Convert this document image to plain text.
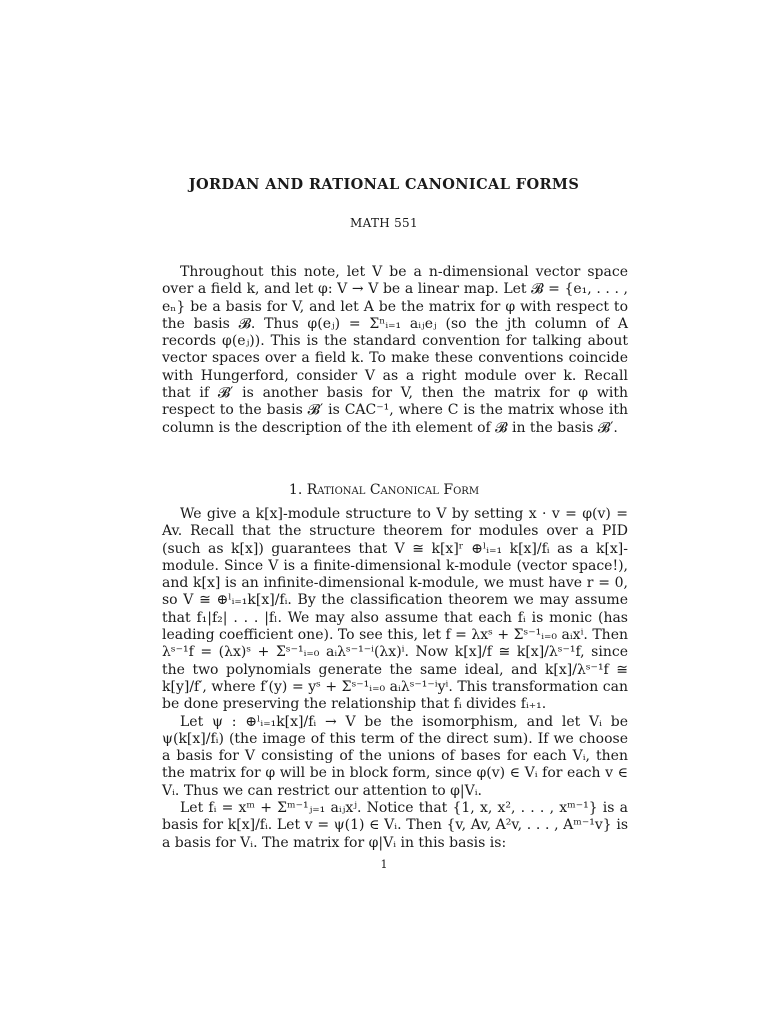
JORDAN AND RATIONAL CANONICAL FORMS
MATH 551

Throughout this note, let V be a n-dimensional vector space over a field k, and let φ: V → V be a linear map. Let 𝓑 = {e₁, . . . , eₙ} be a basis for V, and let A be the matrix for φ with respect to the basis 𝓑. Thus φ(eⱼ) = Σⁿᵢ₌₁ aᵢⱼeⱼ (so the jth column of A records φ(eⱼ)). This is the standard convention for talking about vector spaces over a field k. To make these conventions coincide with Hungerford, consider V as a right module over k. Recall that if 𝓑′ is another basis for V, then the matrix for φ with respect to the basis 𝓑′ is CAC⁻¹, where C is the matrix whose ith column is the description of the ith element of 𝓑 in the basis 𝓑′.

1. Rational Canonical Form

We give a k[x]-module structure to V by setting x · v = φ(v) = Av. Recall that the structure theorem for modules over a PID (such as k[x]) guarantees that V ≅ k[x]ʳ ⊕ˡᵢ₌₁ k[x]/fᵢ as a k[x]-module. Since V is a finite-dimensional k-module (vector space!), and k[x] is an infinite-dimensional k-module, we must have r = 0, so V ≅ ⊕ˡᵢ₌₁k[x]/fᵢ. By the classification theorem we may assume that f₁|f₂| . . . |fₗ. We may also assume that each fᵢ is monic (has leading coefficient one). To see this, let f = λxˢ + Σˢ⁻¹ᵢ₌₀ aᵢxⁱ. Then λˢ⁻¹f = (λx)ˢ + Σˢ⁻¹ᵢ₌₀ aᵢλˢ⁻¹⁻ⁱ(λx)ⁱ. Now k[x]/f ≅ k[x]/λˢ⁻¹f, since the two polynomials generate the same ideal, and k[x]/λˢ⁻¹f ≅ k[y]/f′, where f′(y) = yˢ + Σˢ⁻¹ᵢ₌₀ aᵢλˢ⁻¹⁻ⁱyⁱ. This transformation can be done preserving the relationship that fᵢ divides fᵢ₊₁.

Let ψ : ⊕ˡᵢ₌₁k[x]/fᵢ → V be the isomorphism, and let Vᵢ be ψ(k[x]/fᵢ) (the image of this term of the direct sum). If we choose a basis for V consisting of the unions of bases for each Vᵢ, then the matrix for φ will be in block form, since φ(v) ∈ Vᵢ for each v ∈ Vᵢ. Thus we can restrict our attention to φ|Vᵢ.

Let fᵢ = xᵐ + Σᵐ⁻¹ⱼ₌₁ aᵢⱼxʲ. Notice that {1, x, x², . . . , xᵐ⁻¹} is a basis for k[x]/fᵢ. Let v = ψ(1) ∈ Vᵢ. Then {v, Av, A²v, . . . , Aᵐ⁻¹v} is a basis for Vᵢ. The matrix for φ|Vᵢ in this basis is:

1
